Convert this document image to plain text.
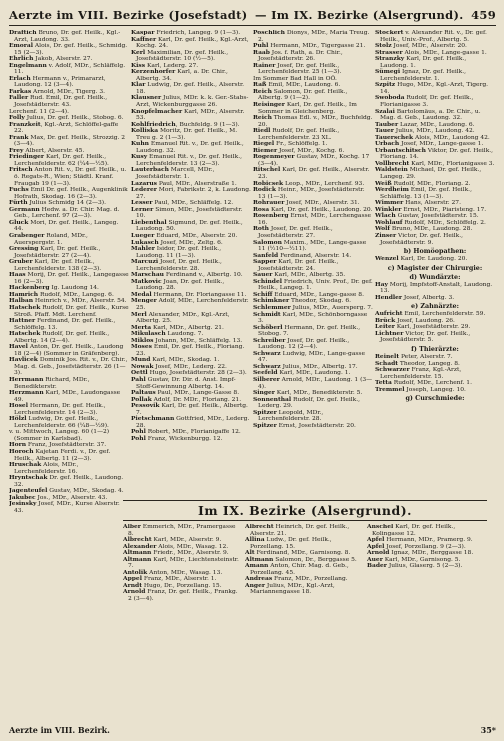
Aerzte im VIII. Bezirke (Josefstadt) — Im IX. Bezirke (Alsergrund). 459

Draftich Bruno, Dr. gef. Heilk., Kgl.-Arzt, Laudong. 33.

Emoral Alois, Dr. gef. Heilk., Schmidg. 15 (2—3).

Ehrlich Jakob, Alserstr. 27.

Engelmann v. Adolf, MDr., Schläffelg. 11.

Erlach Hermann v., Primararzt, Laudong. 12 (3—4).

Farkas Arnold, MDr., Tigerg. 3.

Faller Rud. Emil, Dr. gef. Heilk., Josefstädterstr. 43.

Lerchenf. 11 (2—4).

Folly Julius, Dr. gef. Heilk., Stobog. 6.

Franzkeit, Kgl.-Arzt, Schlöffel-gaffe 22.

Frank Max, Dr. gef. Heilk., Strozzig. 2 (3—4).

Frey Albert, Alserstr. 45.

Friedinger Karl, Dr. gef. Heilk., Lerchenfelderstr. 62 (¼4—½5).

Fritsch Anton Rit. v., Dr. gef. Heilk., u. ö. Regats-R., Wien; Städtl. Kranf. Fraugab 19 (1—3).

Fuchs Emil Dr. gef. Heilk., Augenklinik Hofrath, Skodag. 16 (2—3).

Fürth Julius Schmidg 14 (2—3).

Germann Hedw. a. Dr. Chir. Mag. d. Geb., Lerchenf. 97 (2—3).

Gluck Mori, Dr. gef. Heilk., Langeg. 44.

Grabenger Roland, MDr., Auerspergstr. 1.

Gressing Karl, Dr. gef. Heilk., Josefstädterstr. 27 (2—4).

Gruber Karl, Dr. gef. Heilk., Lerchenfelderstr. 138 (2—3).

Haas Morij, Dr. gef. Heilk., Langegasse 16 (2—3).

Hackenberg Ig. Laudong 14.

Hamrich Rudolf, MDr., Langeg. 6.

Halban Heinrich v., MDr., Alserstr. 54.

Hatschek Rudolf, Dr. gef. Heilk., Kurse Stroß. Pfaff. Mdt. Lerchenf.

Hattner Ferdinand, Dr. gef. Heilk., Schlöffelg. 13.

Hatschek Rudolf, Dr. gef. Heilk., Albertg. 14 (2—4).

Havel Anton, Dr. gef. Heilk., Laudong 18 (2—4) (Sommer in Gräfenberg).

Havlicek Dominik Jos. Rit. v., Dr. Chir., Mag. d. Geb., Josefstädterstr. 26 (1—3).

Herrmann Richard, MDr., Benedikterstr.

Herzmann Karl, MDr., Laudongasse 49.

Hosel Hermann, Dr. gef. Heilk., Lerchenfelderstr. 14 (2—3).

Hölzl Ludwig, Dr. gef. Heilk., Lerchenfelderstr. 66 (¼8—½9).

v. u. Mittwoch, Langeg. 60 (1—2) (Sommer in Karlsbad).

Horn Franz, Josefstädterstr. 37.

Horoch Kajetan Ferdi. v., Dr. gef. Heilk., Albertg. 11 (2—3).

Hruschak Alois, MDr., Lerchenfelderstr. 16.

Hryntschak Dr. gef. Heilk., Laudong. 32.

Jagenteufel Gustav, MDr., Skodag. 4.

Jakubec Jos., MDr., Alserstr. 43.

Jesinsky Josef, MDr., Kurse Alserstr. 43.

Kaspar Friedrich, Langeg. 9 (1—3).

Kaffner Karl, Dr. gef. Heilk., Kgl.-Arzt, Kochg. 24.

Kerl Maximilian, Dr. gef. Heilk., Josefstädterstr. 10 (½—5).

Kiss Karl, Lederg. 27.

Kerzenhorfer Karl, a. Dr. Chir., Albertg. 34.

Klar Ludwig, Dr. gef. Heilk., Alserstr. 18.

Klausner Julius, MDr. k. k. Ger.-Stabs-Arzt, Wickenburggasse 26.

Knopfelmacher Karl, MDr., Alserstr. 53.

Kohlfriedrich, Buchfeldg. 9 (1—3).

Kolliska Moritz, Dr. gef. Heilk., M. Treu g. 2 (1—3).

Kuhn Emanuel Rit. v., Dr. gef. Heilk., Laudong. 32.

Kusy Emanuel Rit. v., Dr. gef. Heilk., Lerchenfelderstr. 13 (2—3).

Lauterbach Marcell, MDr., Josefstädterstr. 1.

Lazarus Paul, MDr., Alserstraße 1.

Lederer Mori, Fabrikstr. 2, k. Laudong. 27.

Lesser Paul, MDr., Schläffelg. 12.

Lerner Simon, MDr., Josefstädterstr. 10.

Liebenthal Sigmund, Dr. gef. Heilk., Laudong. 50.

Lueger Eduard, MDr., Alserstr. 20.

Lukasch Josef, MDr., Zeltg. 6.

Mahler Isidor, Dr. gef. Heilk., Laudong. 11 (1—3).

Marcuzi Josef, Dr. gef. Heilk., Lerchenfelderstr. 28.

Marschau Ferdinand v., Albertg. 10.

Matkovic Joan, Dr. gef. Heilk., Laudong. 28.

Medal Hermann, Dr. Floriangasse 11.

Menger Adolf, MDr., Lerchenfelderstr. 25.

Merl Alexander, MDr., Kgl.-Arzt, Albertg. 25.

Merta Karl, MDr., Albertg. 21.

Mikulasch Laudong. 7.

Miklos Johann, MDr., Schläffelg. 13.

Moses Emil, Dr. gef. Heilk., Floriang. 23.

Mund Karl, MDr., Skodag. 1.

Nowak Josef, MDr., Lederg. 22.

Oettl Hugo, Josefstädterstr. 28 (2—3).

Pahl Gustav, Dr. Dir. d. Anst. Impf-Stoff-Gewinnung Albertg. 14.

Paltaus Paul, MDr., Lange-Gasse 8.

Pollak Adolf, Dr. MDr., Floriang. 21.

Pessovik Karl, Dr. gef. Heilk., Albertg. 7.

Pietschmann Gottfried, MDr., Lederg. 28.

Pohl Robert, MDr., Florianigaffe 12.

Pohl Franz, Wickenburgg. 12.

Poschlich Dionys, MDr., Maria Treug. 2.

Puhl Hermann, MDr., Tigergasse 21.

Raab Jos. f. Rath, a. Dr. Chir., Josefstädterstr. 26.

Rainer Josef, Dr. gef. Heilk., Lerchenfelderstr. 25 (1—3).

Im Sommer Bad Hall in OÖ.

Raß Emil, MDr., Laudong. 6.

Reich Salomon, Dr. gef. Heilk., Albertg. 9 (1—2).

Reisinger Karl, Dr. gef. Heilk., Im Sommer in Gleichenberg.

Reich Thomas Edl. v., MDr., Buchfeldg. 20.

Riedl Rudolf, Dr. gef. Heilk., Lerchenfelderstr. 23 XL.

Riegel Fr., Schlöffelg. 1.

Riemer Josef, MDr., Kochg. 6.

Rogenmeyer Gustav, MDr., Kochg. 17 (3—4).

Ritschel Karl, Dr. gef. Heilk., Alserstr. 23.

Robicsek Leop., MDr., Lerchenf. 93.

Rodick Heinr., MDr., Josefstädterstr. 13 (1—3).

Rohrauer Josef, MDr., Alserstr. 31.

Rosa Karl, Dr. gef. Heilk., Laudong. 20.

Rosenberg Ernst, MDr., Lerchengasse 16.

Roth Josef, Dr. gef. Heilk., Josefstädterstr. 27.

Salomon Maxim., MDr., Lange-gasse 11 (½10—½11).

Sanfeld Ferdinand, Alserstr. 14.

Sapper Karl, Dr. gef. Heilk., Josefstädterstr. 24.

Sauer Karl, MDr., Albertg. 35.

Schindel Friedrich, Univ. Prof., Dr. gef. Heilk., Langeg. 1.

Schiff Eduard, MDr., Lange-gasse 8.

Schimkner Theodor, Skodag. 6.

Schlemmer Julius, MDr., Auersperg. 7.

Schmidt Karl, MDr., Schönborngasse 3.

Schöberl Hermann, Dr. gef. Heilk., Stobog. 7.

Schreiber Josef, Dr. gef. Heilk., Laudong. 12 (2—4).

Schwarz Ludwig, MDr., Lange-gasse 47.

Schwarz Julius, MDr., Albertg. 17.

Seefeld Karl, MDr., Laudong. 1.

Silberer Arnold, MDr., Laudong. 1 (3—4).

Singer Karl, MDr., Benedikterstr. 5.

Sonnenthal Rudolf, Dr. gef. Heilk., Lederg. 29.

Spitzer Leopold, MDr., Lerchenfelderstr. 28.

Spitzer Ernst, Josefstädterstr. 20.

Stockert v. Alexander Rit. v., Dr. gef. Heilk., Univ.-Prof., Albertg. 5.

Stolz Josef, MDr., Alserstr. 20.

Strasser Alois, MDr., Lange-gasse 1.

Stranzky Karl, Dr. gef. Heilk., Laudong. 1.

Sümegi Ignaz, Dr. gef. Heilk., Lerchenfelderstr. 1.

Szpitz Hugo, MDr., Kgl.-Arzt, Tigerg. 14.

Swoboda Rudolf, Dr. gef. Heilk., Florianigasse 3.

Szalai Bartolomäus, a. Dr. Chir., u. Mag. d. Geb., Laudong. 32.

Tauber Lazar, MDr., Laudong. 6.

Tauer Julius, MDr., Laudong. 42.

Tauerschek Alois, MDr., Laudong 42.

Urbach Josef, MDr., Lange-gasse 1.

Urbantschitsch Viktor, Dr. gef. Heilk., Floriang. 14.

Vollbrecht Karl, MDr., Florianigasse 3.

Waldstein Michael, Dr. gef. Heilk., Langeg. 29.

Weiß Rudolf, MDr., Floriang. 2.

Werdheim Emil, Dr. gef. Heilk., Schläffelg. 13 (1—3).

Wimmer Hans, Alserstr. 27.

Winkler Ernst, MDr., Piaristeng. 17.

Wlach Gustav, Josefstädterstr. 15.

Wohlauf Rudolf, MDr., Schlöffelg. 2.

Wolf Bruno, MDr., Laudong. 28.

Zinser Victor, Dr. gef. Heilk., Josefstädterstr. 9.

b) Homöopathen:

Wenzel Karl, Dr. Laudong. 20.

c) Magister der Chirurgie:

d) Wundärzte:

Hay Morij, Impfstoff-Anstalt, Laudong. 13.

Hendler Josef, Albertg. 3.

e) Zahnärzte:

Aufricht Emil, Lerchenfelderstr. 59.

Brück Josef, Laudong. 26.

Leiter Karl, Josefstädterstr. 29.

Lichtner Victor, Dr. gef. Heilk., Josefstädterstr. 5.

f) Thierärzte:

Reinelt Peter, Alserstr. 7.

Schadt Theodor, Langeg. 8.

Schwarzer Franz, Kgl.-Arzt, Lerchenfelderstr. 15.

Tetta Rudolf, MDr., Lerchenf. 1.

Tremmel Joseph, Langeg. 10.

g) Curschmiede:

Im IX. Bezirke (Alsergrund).

Alber Emmerich, MDr., Pramergasse 8.

Albrecht Karl, MDr., Alserstr. 9.

Alexander Alois, MDr., Wasag. 12.

Altmann Friedr., MDr., Alserstr. 9.

Altmann Karl, MDr., Liechtensteinstr. 7.

Antolik Anton, MDr., Wasag. 13.

Appel Franz, MDr., Alserstr. 1.

Arndt Hugo, Dr., Porzellang. 15.

Arnold Franz, Dr. gef. Heilk., Frankg. 2 (3—4).

Albrecht Heinrich, Dr. gef. Heilk., Alserstr. 21.

Allina Ludw., Dr. gef. Heilk., Porzellang. 15.

Alt Ferdinand, MDr., Garnisong. 8.

Altmann Salomon, Dr., Berggasse 5.

Amann Anton, Chir. Mag. d. Geb., Porzellang. 45.

Andreas Franz, MDr., Porzellang.

Anger Julius, MDr., Kgl.-Arzt, Mariannengasse 18.

Anschel Karl, Dr. gef. Heilk., Kolingasse 12.

Apfel Hermann, MDr., Pramerg. 9.

Apfel Josef, Porzellang. 9 (2—3).

Arnold Ignaz, MDr., Berggasse 18.

Auer Karl, MDr., Garnisong. 5.

Bader Julius, Glaserg. 5 (2—3).

Aerzte im VIII. Bezirk.	35*
